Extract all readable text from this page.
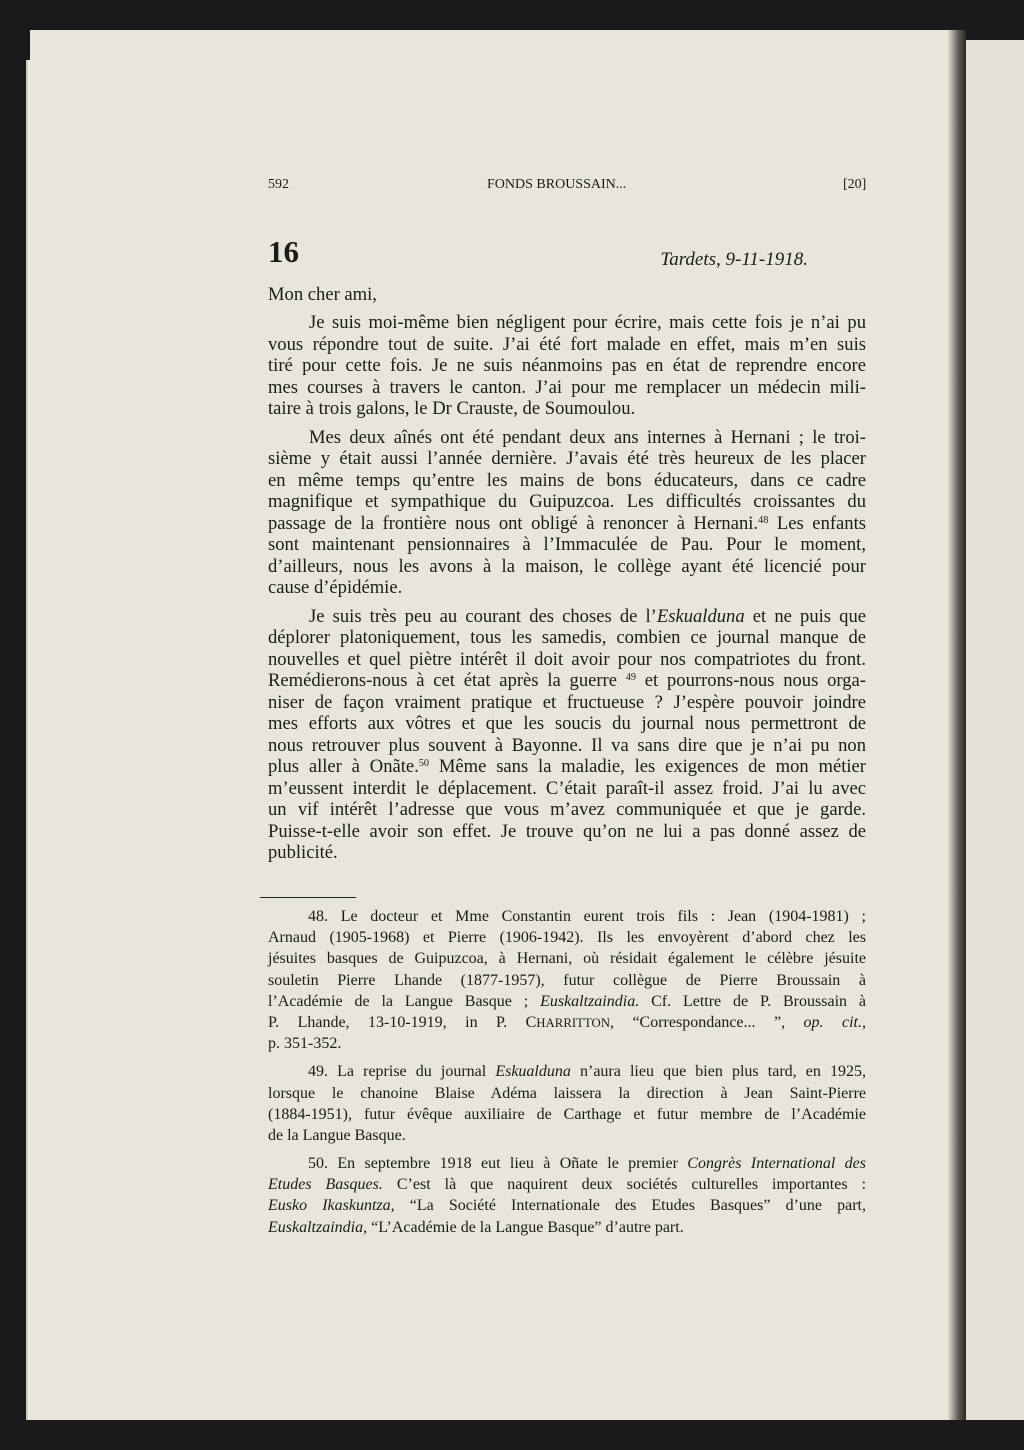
592	FONDS BROUSSAIN...	[20]
16	Tardets, 9-11-1918.
Mon cher ami,
Je suis moi-même bien négligent pour écrire, mais cette fois je n’ai pu
vous répondre tout de suite. J’ai été fort malade en effet, mais m’en suis
tiré pour cette fois. Je ne suis néanmoins pas en état de reprendre encore
mes courses à travers le canton. J’ai pour me remplacer un médecin mili-
taire à trois galons, le Dr Crauste, de Soumoulou.
Mes deux aînés ont été pendant deux ans internes à Hernani ; le troi-
sième y était aussi l’année dernière. J’avais été très heureux de les placer
en même temps qu’entre les mains de bons éducateurs, dans ce cadre
magnifique et sympathique du Guipuzcoa. Les difficultés croissantes du
passage de la frontière nous ont obligé à renoncer à Hernani.$^{48}$ Les enfants
sont maintenant pensionnaires à l’Immaculée de Pau. Pour le moment,
d’ailleurs, nous les avons à la maison, le collège ayant été licencié pour
cause d’épidémie.
Je suis très peu au courant des choses de l’Eskualduna et ne puis que
déplorer platoniquement, tous les samedis, combien ce journal manque de
nouvelles et quel piètre intérêt il doit avoir pour nos compatriotes du front.
Remédierons-nous à cet état après la guerre $^{49}$ et pourrons-nous nous orga-
niser de façon vraiment pratique et fructueuse ? J’espère pouvoir joindre
mes efforts aux vôtres et que les soucis du journal nous permettront de
nous retrouver plus souvent à Bayonne. Il va sans dire que je n’ai pu non
plus aller à Onãte.$^{50}$ Même sans la maladie, les exigences de mon métier
m’eussent interdit le déplacement. C’était paraît-il assez froid. J’ai lu avec
un vif intérêt l’adresse que vous m’avez communiquée et que je garde.
Puisse-t-elle avoir son effet. Je trouve qu’on ne lui a pas donné assez de
publicité.
48. Le docteur et Mme Constantin eurent trois fils : Jean (1904-1981) ;
Arnaud (1905-1968) et Pierre (1906-1942). Ils les envoyèrent d’abord chez les
jésuites basques de Guipuzcoa, à Hernani, où résidait également le célèbre jésuite
souletin Pierre Lhande (1877-1957), futur collègue de Pierre Broussain à
l’Académie de la Langue Basque ; Euskaltzaindia. Cf. Lettre de P. Broussain à
P. Lhande, 13-10-1919, in P. CHARRITTON, “Correspondance... ”, op. cit.,
p. 351-352.
49. La reprise du journal Eskualduna n’aura lieu que bien plus tard, en 1925,
lorsque le chanoine Blaise Adéma laissera la direction à Jean Saint-Pierre
(1884-1951), futur évêque auxiliaire de Carthage et futur membre de l’Académie
de la Langue Basque.
50. En septembre 1918 eut lieu à Oñate le premier Congrès International des
Etudes Basques. C’est là que naquirent deux sociétés culturelles importantes :
Eusko Ikaskuntza, “La Société Internationale des Etudes Basques” d’une part,
Euskaltzaindia, “L’Académie de la Langue Basque” d’autre part.
